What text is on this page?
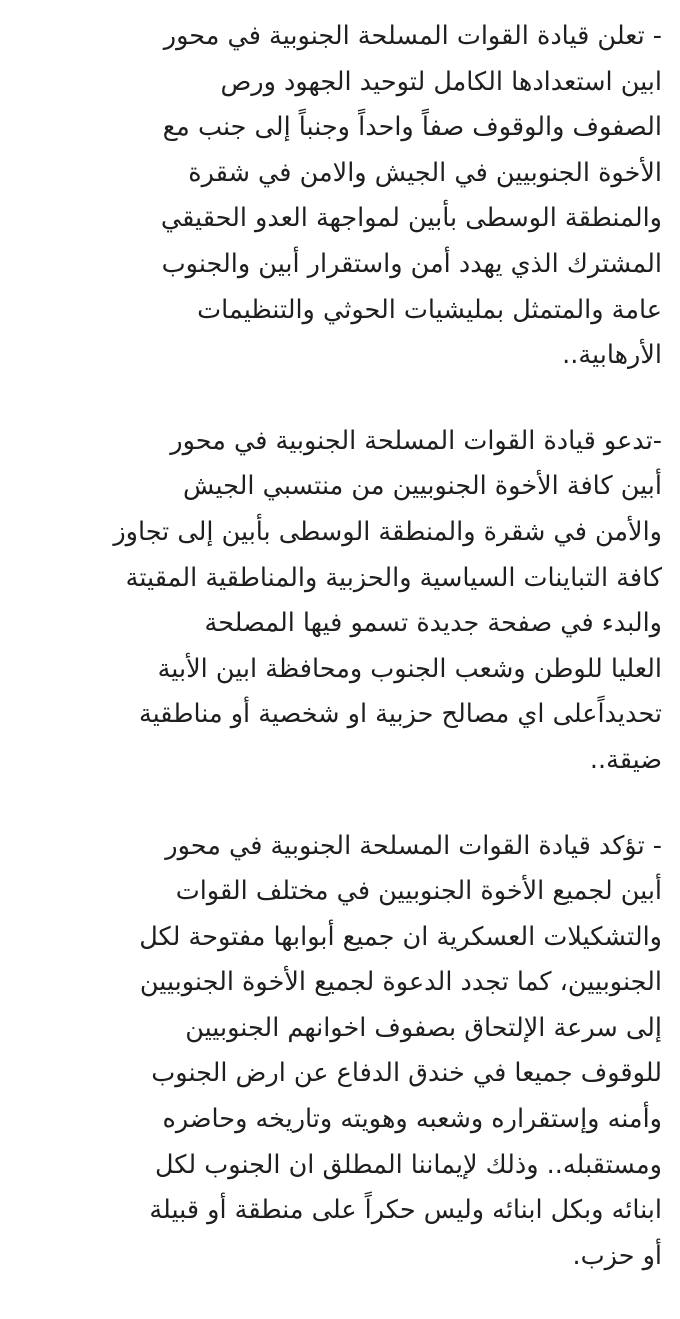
- تعلن قيادة القوات المسلحة الجنوبية في محور
ابين استعدادها الكامل لتوحيد الجهود ورص
الصفوف والوقوف صفاً واحداً وجنباً إلى جنب مع
الأخوة الجنوبيين في الجيش والامن في شقرة
والمنطقة الوسطى بأبين لمواجهة العدو الحقيقي
المشترك الذي يهدد أمن واستقرار أبين والجنوب
عامة والمتمثل بمليشيات الحوثي والتنظيمات
الأرهابية..
-تدعو قيادة القوات المسلحة الجنوبية في محور
أبين كافة الأخوة الجنوبيين من منتسبي الجيش
والأمن في شقرة والمنطقة الوسطى بأبين إلى تجاوز
كافة التباينات السياسية والحزبية والمناطقية المقيتة
والبدء في صفحة جديدة تسمو فيها المصلحة
العليا للوطن وشعب الجنوب ومحافظة ابين الأبية
تحديداًعلى اي مصالح حزبية او شخصية أو مناطقية
ضيقة..
- تؤكد قيادة القوات المسلحة الجنوبية في محور
أبين لجميع الأخوة الجنوبيين في مختلف القوات
والتشكيلات العسكرية ان جميع أبوابها مفتوحة لكل
الجنوبيين، كما تجدد الدعوة لجميع الأخوة الجنوبيين
إلى سرعة الإلتحاق بصفوف اخوانهم الجنوبيين
للوقوف جميعا في خندق الدفاع عن ارض الجنوب
وأمنه وإستقراره وشعبه وهويته وتاريخه وحاضره
ومستقبله.. وذلك لإيماننا المطلق ان الجنوب لكل
ابنائه وبكل ابنائه وليس حكراً على منطقة أو قبيلة
أو حزب.
